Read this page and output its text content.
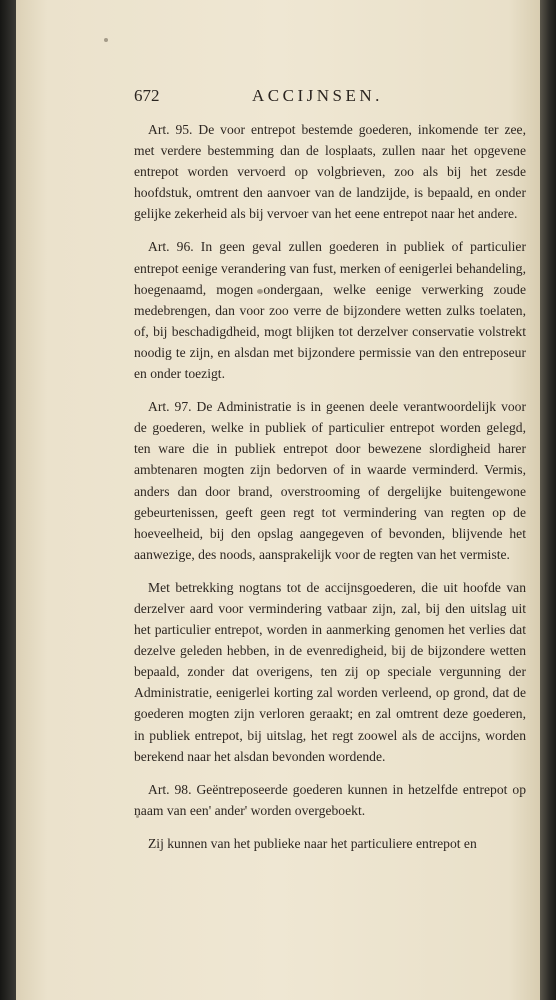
672	ACCIJNSEN.

Art. 95. De voor entrepot bestemde goederen, inkomende ter zee, met verdere bestemming dan de losplaats, zullen naar het opgevene entrepot worden vervoerd op volgbrieven, zoo als bij het zesde hoofdstuk, omtrent den aanvoer van de landzijde, is bepaald, en onder gelijke zekerheid als bij vervoer van het eene entrepot naar het andere.

Art. 96. In geen geval zullen goederen in publiek of particulier entrepot eenige verandering van fust, merken of eenigerlei behandeling, hoegenaamd, mogen ondergaan, welke eenige verwerking zoude medebrengen, dan voor zoo verre de bijzondere wetten zulks toelaten, of, bij beschadigdheid, mogt blijken tot derzelver conservatie volstrekt noodig te zijn, en alsdan met bijzondere permissie van den entreposeur en onder toezigt.

Art. 97. De Administratie is in geenen deele verantwoordelijk voor de goederen, welke in publiek of particulier entrepot worden gelegd, ten ware die in publiek entrepot door bewezene slordigheid harer ambtenaren mogten zijn bedorven of in waarde verminderd. Vermis, anders dan door brand, overstrooming of dergelijke buitengewone gebeurtenissen, geeft geen regt tot vermindering van regten op de hoeveelheid, bij den opslag aangegeven of bevonden, blijvende het aanwezige, des noods, aansprakelijk voor de regten van het vermiste.

Met betrekking nogtans tot de accijnsgoederen, die uit hoofde van derzelver aard voor vermindering vatbaar zijn, zal, bij den uitslag uit het particulier entrepot, worden in aanmerking genomen het verlies dat dezelve geleden hebben, in de evenredigheid, bij de bijzondere wetten bepaald, zonder dat overigens, ten zij op speciale vergunning der Administratie, eenigerlei korting zal worden verleend, op grond, dat de goederen mogten zijn verloren geraakt; en zal omtrent deze goederen, in publiek entrepot, bij uitslag, het regt zoowel als de accijns, worden berekend naar het alsdan bevonden wordende.

Art. 98. Geëntreposeerde goederen kunnen in hetzelfde entrepot op naam van een' ander' worden overgeboekt.

Zij kunnen van het publieke naar het particuliere entrepot en
